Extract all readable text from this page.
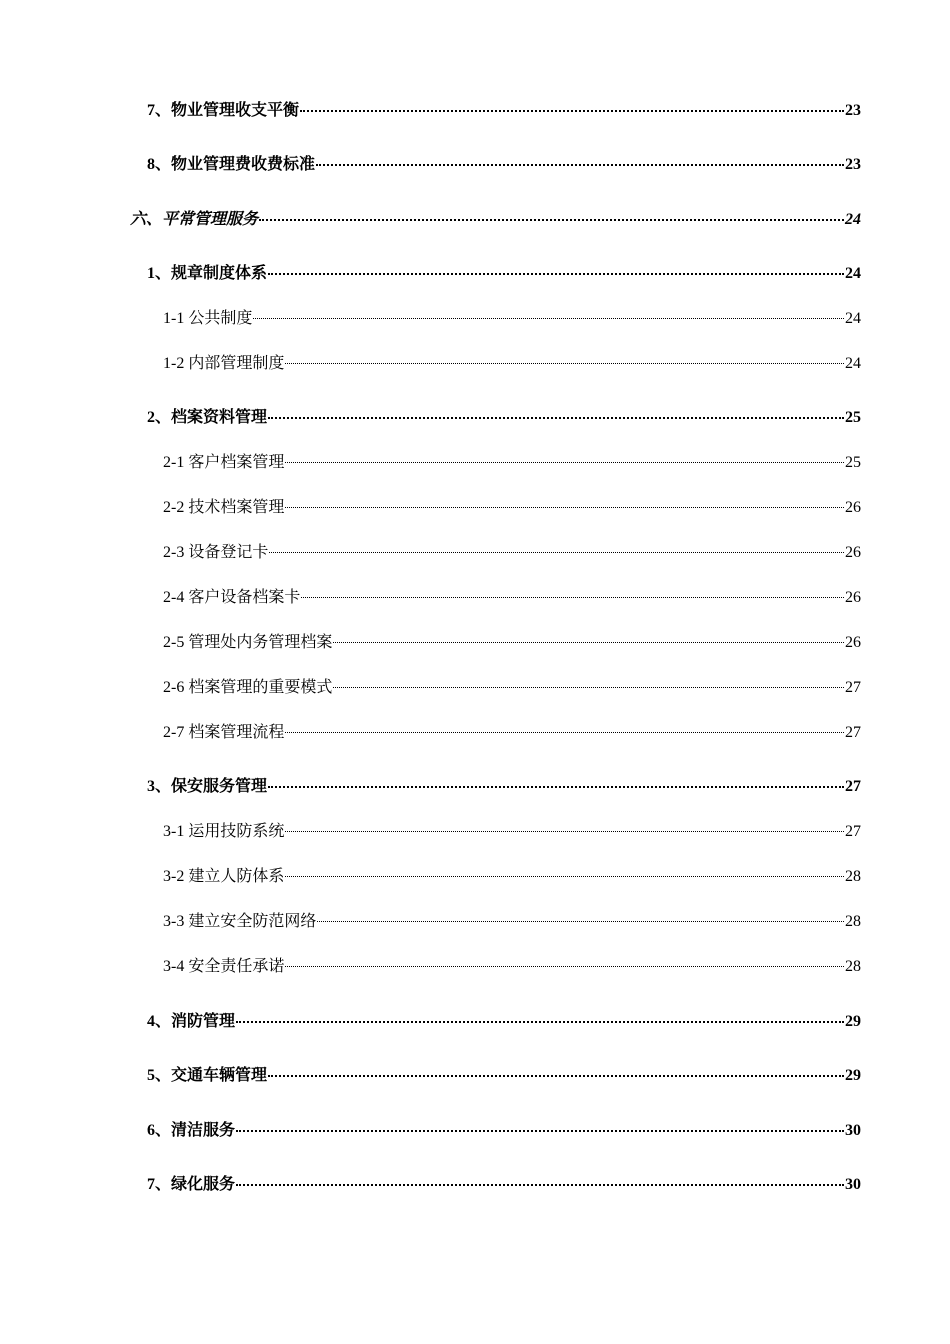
7、物业管理收支平衡	23
8、物业管理费收费标准	23
六、平常管理服务	24
1、规章制度体系	24
1-1 公共制度	24
1-2 内部管理制度	24
2、档案资料管理	25
2-1 客户档案管理	25
2-2 技术档案管理	26
2-3 设备登记卡	26
2-4 客户设备档案卡	26
2-5 管理处内务管理档案	26
2-6 档案管理的重要模式	27
2-7 档案管理流程	27
3、保安服务管理	27
3-1 运用技防系统	27
3-2 建立人防体系	28
3-3 建立安全防范网络	28
3-4 安全责任承诺	28
4、消防管理	29
5、交通车辆管理	29
6、清洁服务	30
7、绿化服务	30
